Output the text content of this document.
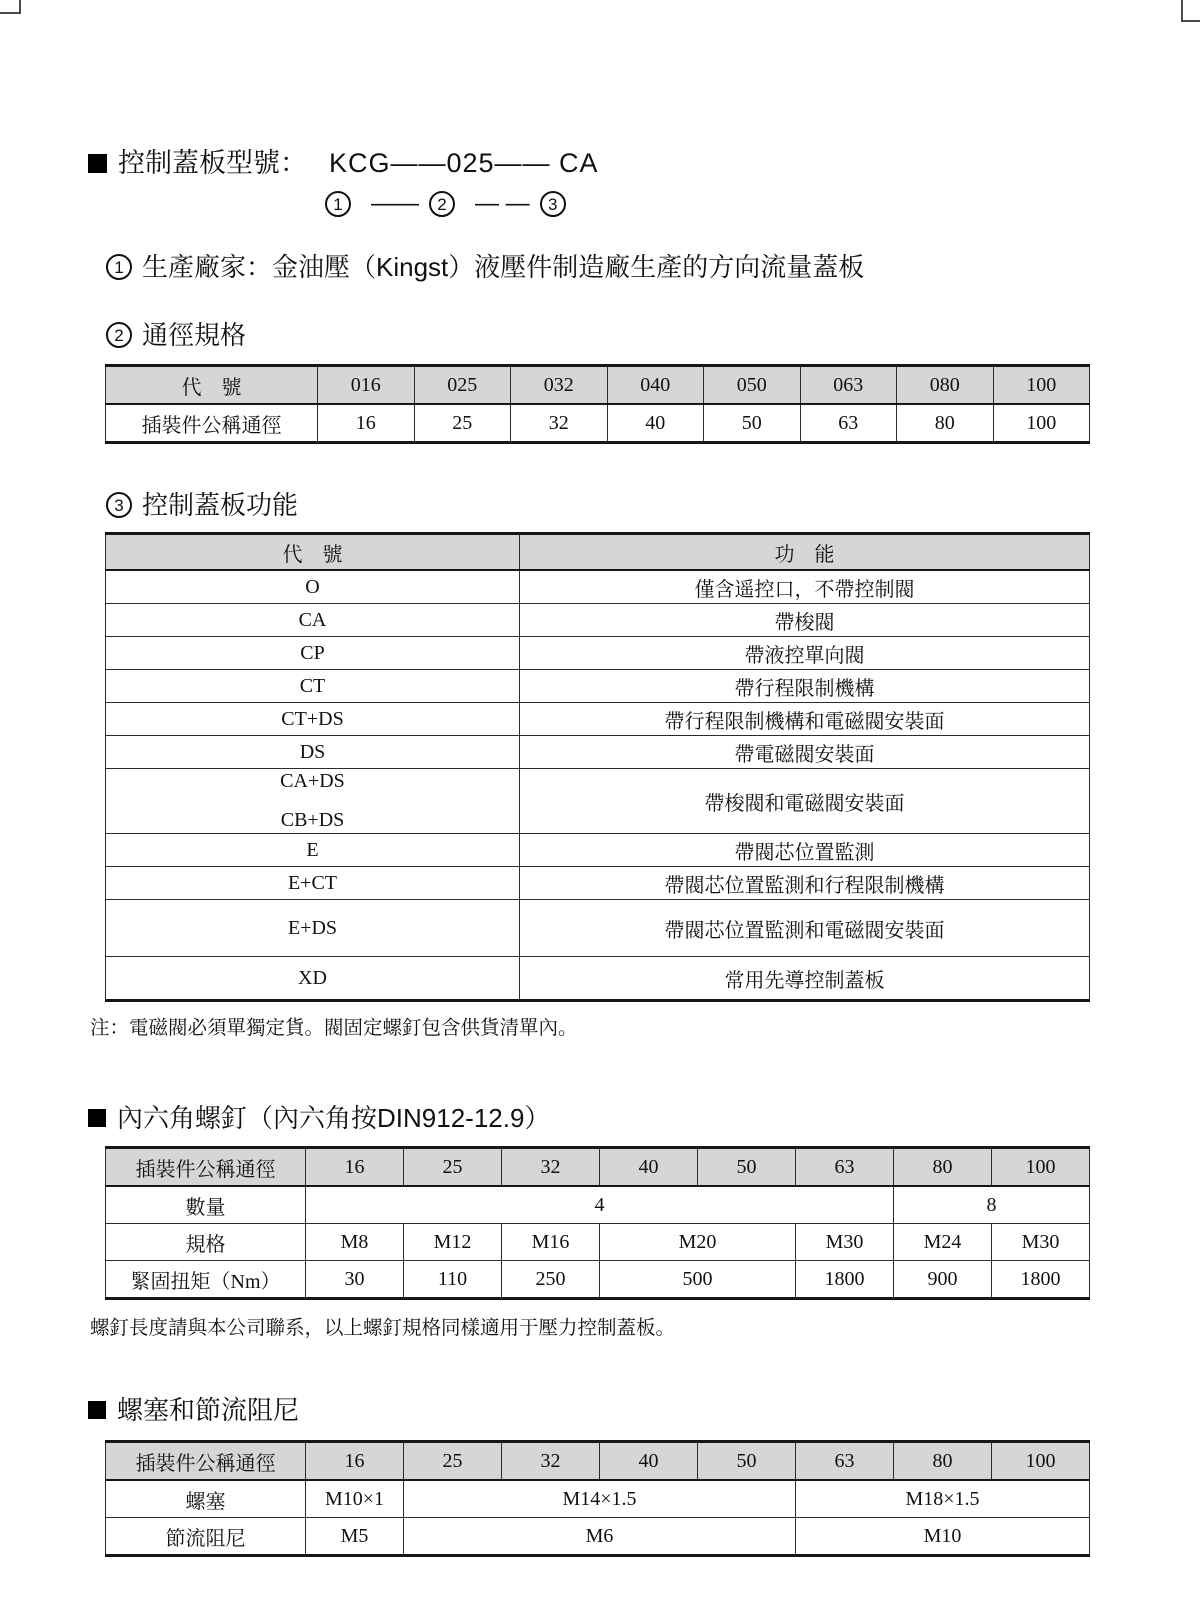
控制蓋板型號： KCG——025—— CA
1	——	2	— —	3
1 生產廠家：金油壓（Kingst）液壓件制造廠生產的方向流量蓋板
2 通徑規格
代　號	016	025	032	040	050	063	080	100
插裝件公稱通徑	16	25	32	40	50	63	80	100
3 控制蓋板功能
代　號	功　能

O	僅含遥控口，不帶控制閥

CA	帶梭閥

CP	帶液控單向閥

CT	帶行程限制機構

CT+DS	帶行程限制機構和電磁閥安裝面

DS	帶電磁閥安裝面

CA+DS
CB+DS	帶梭閥和電磁閥安裝面

E	帶閥芯位置監測

E+CT	帶閥芯位置監測和行程限制機構

E+DS	帶閥芯位置監測和電磁閥安裝面

XD	常用先導控制蓋板

注：電磁閥必須單獨定貨。閥固定螺釘包含供貨清單內。

內六角螺釘（內六角按DIN912-12.9）
插裝件公稱通徑	16	25	32	40	50	63	80	100
數量	4						8	
規格	M8	M12	M16	M20		M30	M24	M30
緊固扭矩（Nm）	30	110	250	500		1800	900	1800

螺釘長度請與本公司聯系，以上螺釘規格同樣適用于壓力控制蓋板。

螺塞和節流阻尼
插裝件公稱通徑	16	25	32	40	50	63	80	100
螺塞	M10×1	M14×1.5				M18×1.5		
節流阻尼	M5	M6				M10		
